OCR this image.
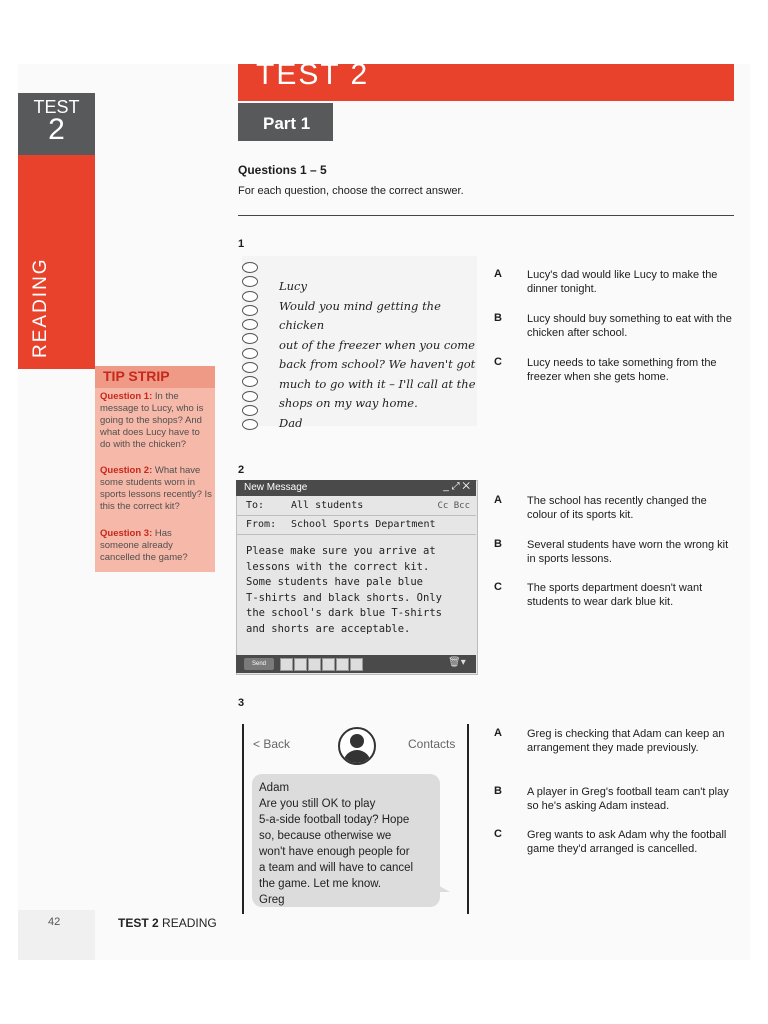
TEST
2
READING
TIP STRIP
Question 1: In the message to Lucy, who is going to the shops? And what does Lucy have to do with the chicken?
Question 2: What have some students worn in sports lessons recently? Is this the correct kit?
Question 3: Has someone already cancelled the game?
TEST 2
Part 1
Questions 1 – 5
For each question, choose the correct answer.
1
Lucy
Would you mind getting the chicken
out of the freezer when you come
back from school? We haven't got
much to go with it – I'll call at the
shops on my way home.
Dad
A Lucy's dad would like Lucy to make the dinner tonight.
B Lucy should buy something to eat with the chicken after school.
C Lucy needs to take something from the freezer when she gets home.
2
New Message	_ ⤢ ✕
To:	All students	Cc Bcc
From: School Sports Department
Please make sure you arrive at
lessons with the correct kit.
Some students have pale blue
T-shirts and black shorts. Only
the school's dark blue T-shirts
and shorts are acceptable.
Send	🗑▾
A The school has recently changed the colour of its sports kit.
B Several students have worn the wrong kit in sports lessons.
C The sports department doesn't want students to wear dark blue kit.
3
< Back	Contacts
Adam
Are you still OK to play
5-a-side football today? Hope
so, because otherwise we
won't have enough people for
a team and will have to cancel
the game. Let me know.
Greg
A Greg is checking that Adam can keep an arrangement they made previously.
B A player in Greg's football team can't play so he's asking Adam instead.
C Greg wants to ask Adam why the football game they'd arranged is cancelled.
42	TEST 2 READING
